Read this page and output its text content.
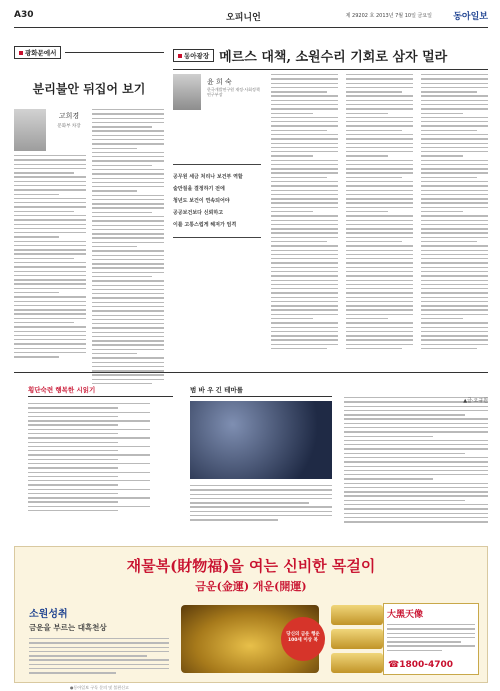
A30	오피니언	제 29202 호 2013년 7월 10일 금요일 동아일보
광화문에서
분리불안 뒤집어 보기
고희경
문화부 차장
동아광장 메르스 대책, 소원수리 기회로 삼자 멀라
윤 희 숙
한국개발연구원 재정·사회정책연구부장
공무원 세금 처리나 보건부 역할
술만질을 결정하기 전에
청년도 보건이 연속되어야
공공보건보다 신뢰하고
이를 고통스럽게 헤져가 엄격
횡단숙련 행복한 시읽기	범 바 우 긴 테마를
▲글·오규원
재물복(財物福)을 여는 신비한 목걸이
금운(金運) 개운(開運)
소원성취
금운을 부르는 대흑천상
당신의 금운 행운 100세 이상 복
大黑天像
☎1800-4700
●동아일보 구독 문의 및 불편신고
